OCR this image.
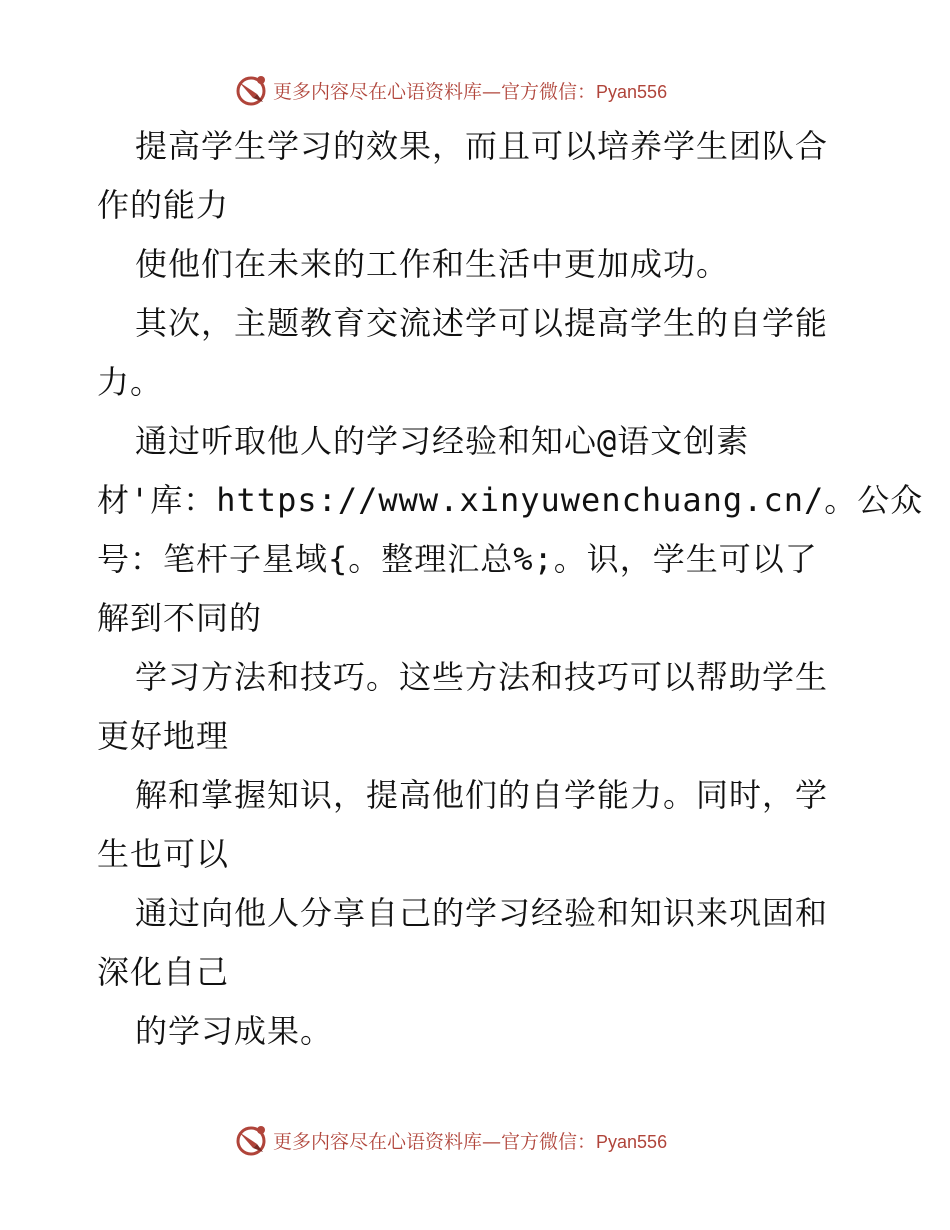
更多内容尽在心语资料库—官方微信：Pyan556
提高学生学习的效果，而且可以培养学生团队合
作的能力
使他们在未来的工作和生活中更加成功。
其次，主题教育交流述学可以提高学生的自学能
力。
通过听取他人的学习经验和知心@语文创素
材'库：https://www.xinyuwenchuang.cn/。公众
号：笔杆子星域{。整理汇总%;。识，学生可以了
解到不同的
学习方法和技巧。这些方法和技巧可以帮助学生
更好地理
解和掌握知识，提高他们的自学能力。同时，学
生也可以
通过向他人分享自己的学习经验和知识来巩固和
深化自己
的学习成果。
更多内容尽在心语资料库—官方微信：Pyan556
